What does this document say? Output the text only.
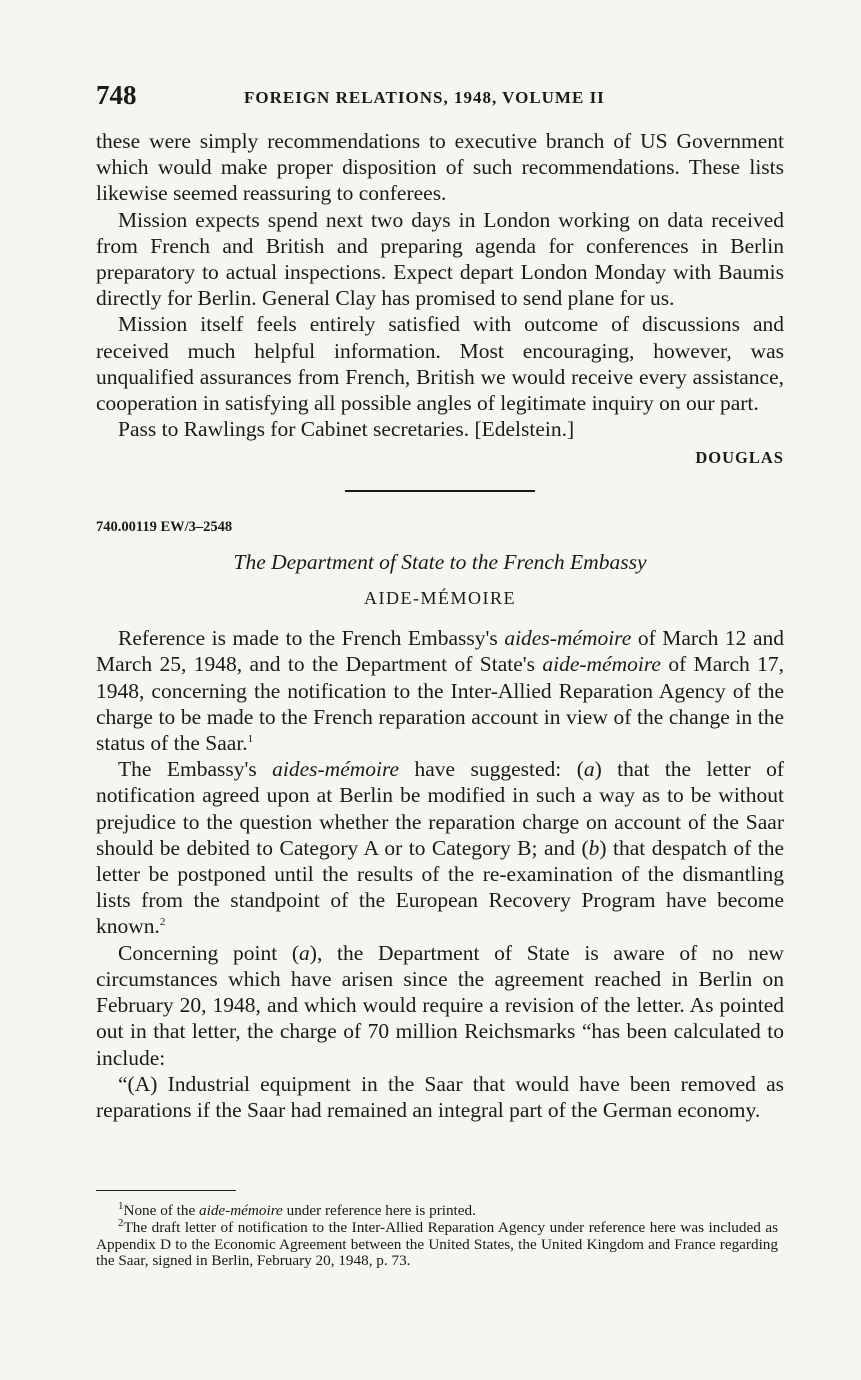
748	FOREIGN RELATIONS, 1948, VOLUME II

these were simply recommendations to executive branch of US Government which would make proper disposition of such recommendations. These lists likewise seemed reassuring to conferees.

Mission expects spend next two days in London working on data received from French and British and preparing agenda for conferences in Berlin preparatory to actual inspections. Expect depart London Monday with Baumis directly for Berlin. General Clay has promised to send plane for us.

Mission itself feels entirely satisfied with outcome of discussions and received much helpful information. Most encouraging, however, was unqualified assurances from French, British we would receive every assistance, cooperation in satisfying all possible angles of legitimate inquiry on our part.

Pass to Rawlings for Cabinet secretaries. [Edelstein.]

DOUGLAS
740.00119 EW/3–2548
The Department of State to the French Embassy
AIDE-MÉMOIRE

Reference is made to the French Embassy's aides-mémoire of March 12 and March 25, 1948, and to the Department of State's aide-mémoire of March 17, 1948, concerning the notification to the Inter-Allied Reparation Agency of the charge to be made to the French reparation account in view of the change in the status of the Saar.$^1$

The Embassy's aides-mémoire have suggested: (a) that the letter of notification agreed upon at Berlin be modified in such a way as to be without prejudice to the question whether the reparation charge on account of the Saar should be debited to Category A or to Category B; and (b) that despatch of the letter be postponed until the results of the re-examination of the dismantling lists from the standpoint of the European Recovery Program have become known.$^2$

Concerning point (a), the Department of State is aware of no new circumstances which have arisen since the agreement reached in Berlin on February 20, 1948, and which would require a revision of the letter. As pointed out in that letter, the charge of 70 million Reichsmarks “has been calculated to include:

“(A) Industrial equipment in the Saar that would have been removed as reparations if the Saar had remained an integral part of the German economy.

$^1$None of the aide-mémoire under reference here is printed.

$^2$The draft letter of notification to the Inter-Allied Reparation Agency under reference here was included as Appendix D to the Economic Agreement between the United States, the United Kingdom and France regarding the Saar, signed in Berlin, February 20, 1948, p. 73.
